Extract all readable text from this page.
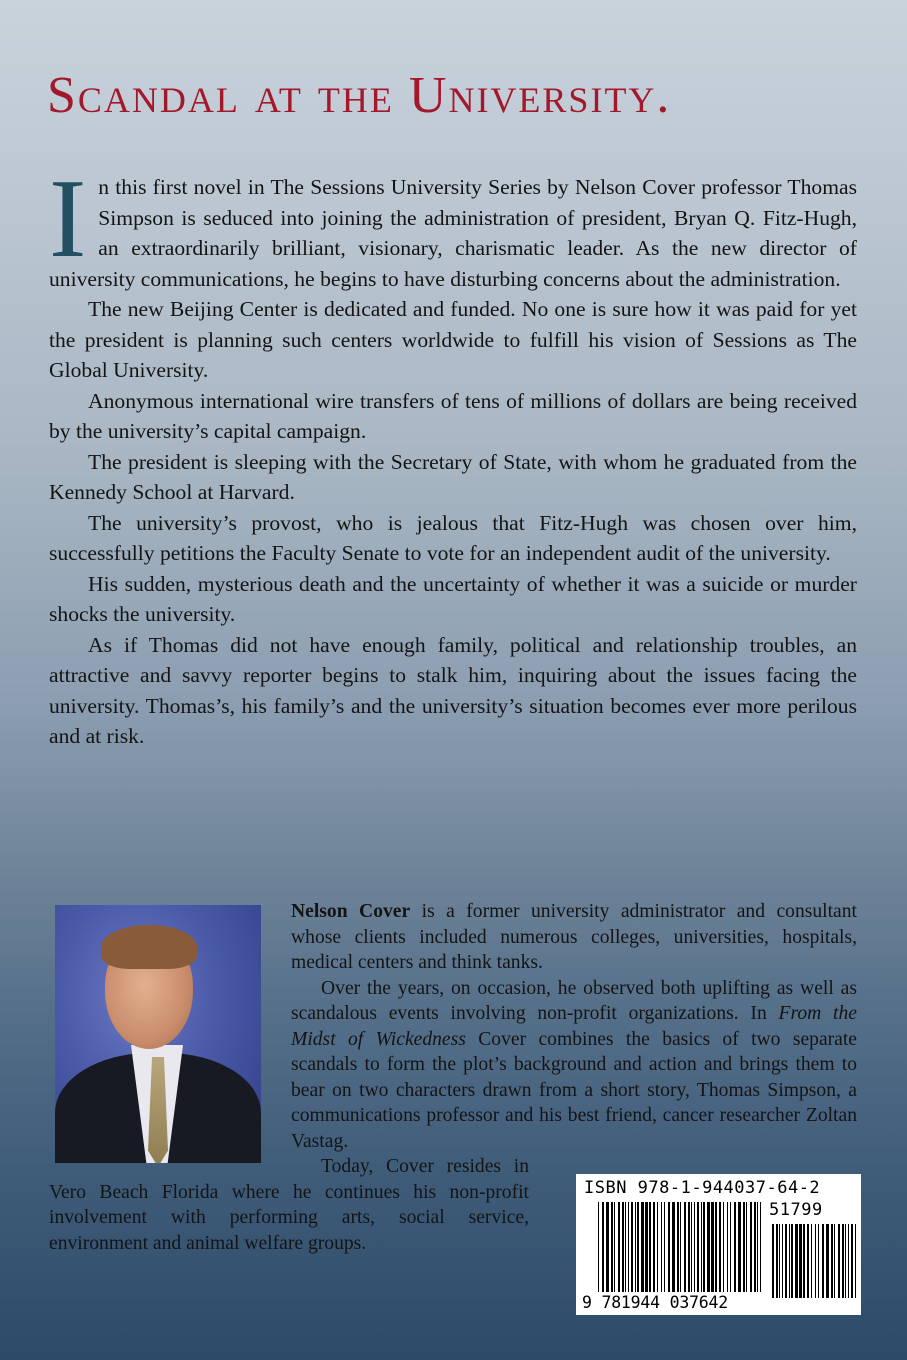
Scandal at the University.

In this first novel in The Sessions University Series by Nelson Cover professor Thomas Simpson is seduced into joining the administration of president, Bryan Q. Fitz-Hugh, an extraordinarily brilliant, visionary, charismatic leader. As the new director of university communications, he begins to have disturbing concerns about the administration.

The new Beijing Center is dedicated and funded. No one is sure how it was paid for yet the president is planning such centers worldwide to fulfill his vision of Sessions as The Global University.

Anonymous international wire transfers of tens of millions of dollars are being received by the university’s capital campaign.

The president is sleeping with the Secretary of State, with whom he graduated from the Kennedy School at Harvard.

The university’s provost, who is jealous that Fitz-Hugh was chosen over him, successfully petitions the Faculty Senate to vote for an independent audit of the university.

His sudden, mysterious death and the uncertainty of whether it was a suicide or murder shocks the university.

As if Thomas did not have enough family, political and relationship troubles, an attractive and savvy reporter begins to stalk him, inquiring about the issues facing the university. Thomas’s, his family’s and the university’s situation becomes ever more perilous and at risk.

Nelson Cover is a former university administrator and consultant whose clients included numerous colleges, universities, hospitals, medical centers and think tanks.

Over the years, on occasion, he observed both uplifting as well as scandalous events involving non-profit organizations. In From the Midst of Wickedness Cover combines the basics of two separate scandals to form the plot’s background and action and brings them to bear on two characters drawn from a short story, Thomas Simpson, a communications professor and his best friend, cancer researcher Zoltan Vastag.

Today, Cover resides in Vero Beach Florida where he continues his non-profit involvement with performing arts, social service, environment and animal welfare groups.

ISBN 978-1-944037-64-2
51799
9 781944 037642
